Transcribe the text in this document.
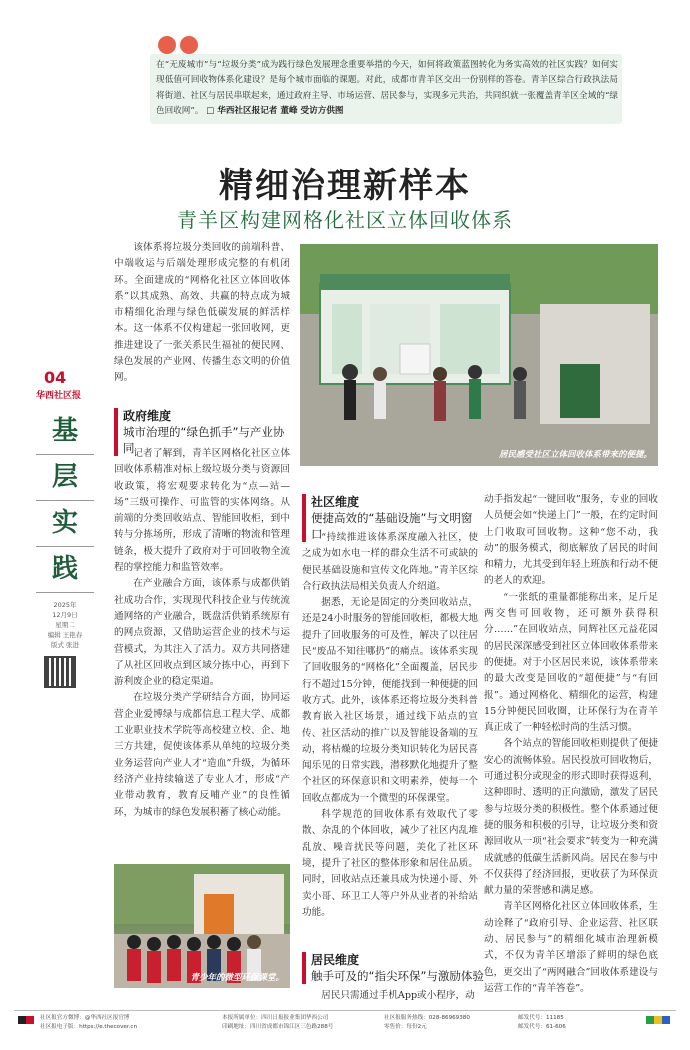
在“无废城市”与“垃圾分类”成为践行绿色发展理念重要举措的今天，如何将政策蓝图转化为务实高效的社区实践？如何实现低值可回收物体系化建设？是每个城市面临的课题。对此，成都市青羊区交出一份别样的答卷。青羊区综合行政执法局将街道、社区与居民串联起来，通过政府主导、市场运营、居民参与，实现多元共治，共同织就一张覆盖青羊区全域的“绿色回收网”。 □ 华西社区报记者 董峰 受访方供图
精细治理新样本
青羊区构建网格化社区立体回收体系
04
华西社区报
基
层
实
践
2025年
12月9日
星期二
编辑 王艳春
版式 张进

该体系将垃圾分类回收的前端科普、中端收运与后端处理形成完整的有机闭环。全面建成的“网格化社区立体回收体系”以其成熟、高效、共赢的特点成为城市精细化治理与绿色低碳发展的鲜活样本。这一体系不仅构建起一张回收网，更推进建设了一张关系民生福祉的便民网、绿色发展的产业网、传播生态文明的价值网。

政府维度
城市治理的“绿色抓手”与产业协同

记者了解到，青羊区网格化社区立体回收体系精准对标上级垃圾分类与资源回收政策，将宏观要求转化为“点—站—场”三级可操作、可监管的实体网络。从前端的分类回收站点、智能回收柜，到中转与分拣场所，形成了清晰的物流和管理链条，极大提升了政府对于可回收物全流程的掌控能力和监管效率。

在产业融合方面，该体系与成都供销社成功合作，实现现代科技企业与传统流通网络的产业融合，既盘活供销系统原有的网点资源，又借助运营企业的技术与运营模式，为其注入了活力。双方共同搭建了从社区回收点到区域分拣中心，再到下游利废企业的稳定渠道。

在垃圾分类产学研结合方面，协同运营企业爱博绿与成都信息工程大学、成都工业职业技术学院等高校建立校、企、地三方共建，促使该体系从单纯的垃圾分类业务运营向产业人才“造血”升级，为循环经济产业持续输送了专业人才，形成“产业带动教育，教育反哺产业”的良性循环，为城市的绿色发展积蓄了核心动能。

居民感受社区立体回收体系带来的便捷。
社区维度
便捷高效的“基础设施”与文明窗口

“持续推进该体系深度融入社区，使之成为如水电一样的群众生活不可或缺的便民基础设施和宣传文化阵地。”青羊区综合行政执法局相关负责人介绍道。

据悉，无论是固定的分类回收站点，还是24小时服务的智能回收柜，都极大地提升了回收服务的可及性，解决了以往居民“废品不知往哪扔”的痛点。该体系实现了回收服务的“网格化”全面覆盖，居民步行不超过15分钟，便能找到一种便捷的回收方式。此外，该体系还将垃圾分类科普教育嵌入社区场景，通过线下站点的宣传、社区活动的推广以及智能设备端的互动，将枯燥的垃圾分类知识转化为居民喜闻乐见的日常实践，潜移默化地提升了整个社区的环保意识和文明素养，使每一个回收点都成为一个微型的环保课堂。

科学规范的回收体系有效取代了零散、杂乱的个体回收，减少了社区内乱堆乱放、噪音扰民等问题，美化了社区环境，提升了社区的整体形象和居住品质。同时，回收站点还兼具成为快递小哥、外卖小哥、环卫工人等户外从业者的补给站功能。

居民维度
触手可及的“指尖环保”与激励体验

居民只需通过手机App或小程序，动

动手指发起“一键回收”服务，专业的回收人员便会如“快递上门”一般，在约定时间上门收取可回收物。这种“您不动，我动”的服务模式，彻底解放了居民的时间和精力，尤其受到年轻上班族和行动不便的老人的欢迎。

“一张纸的重量都能称出来，足斤足两交售可回收物，还可额外获得积分……”在回收站点，同辉社区元益花园的居民深深感受到社区立体回收体系带来的便捷。对于小区居民来说，该体系带来的最大改变是回收的“超便捷”与“有回报”。通过网格化、精细化的运营，构建15分钟便民回收圈，让环保行为在青羊真正成了一种轻松时尚的生活习惯。

各个站点的智能回收柜则提供了便捷安心的流畅体验。居民投放可回收物后，可通过积分或现金的形式即时获得返利，这种即时、透明的正向激励，激发了居民参与垃圾分类的积极性。整个体系通过便捷的服务和积极的引导，让垃圾分类和资源回收从一项“社会要求”转变为一种充满成就感的低碳生活新风尚。居民在参与中不仅获得了经济回报，更收获了为环保贡献力量的荣誉感和满足感。

青羊区网格化社区立体回收体系，生动诠释了“政府引导、企业运营、社区联动、居民参与”的精细化城市治理新模式，不仅为青羊区增添了鲜明的绿色底色，更交出了“两网融合”回收体系建设与运营工作的“青羊答卷”。

青少年的微型环保课堂。
社区报官方微博：@华西社区报官博
社区报电子版：https://e.thecover.cn
本报所属单位：四川日报报业集团华西公司
印刷地址：四川省成都市锦江区三色路288号
社区报服务热线：028-86969380
零售价：每份2元
邮发代号：11185
邮发代号：61-606
